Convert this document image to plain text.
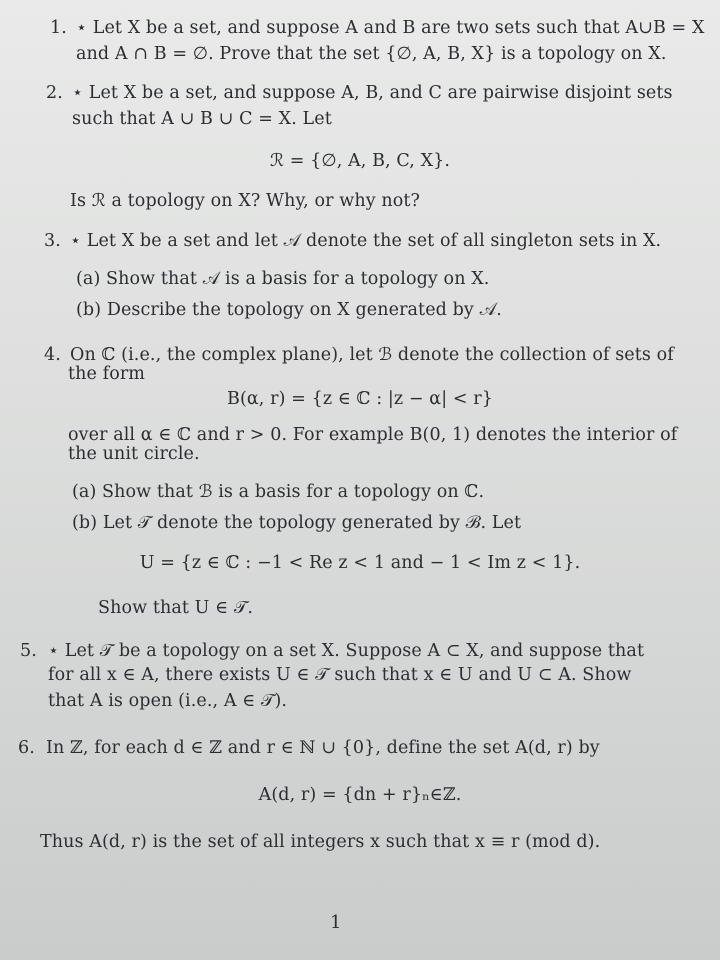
1. ⋆ Let X be a set, and suppose A and B are two sets such that A∪B = X
and A ∩ B = ∅. Prove that the set {∅, A, B, X} is a topology on X.
2. ⋆ Let X be a set, and suppose A, B, and C are pairwise disjoint sets
such that A ∪ B ∪ C = X. Let
ℛ = {∅, A, B, C, X}.
Is ℛ a topology on X? Why, or why not?
3. ⋆ Let X be a set and let 𝒜 denote the set of all singleton sets in X.
(a) Show that 𝒜 is a basis for a topology on X.
(b) Describe the topology on X generated by 𝒜.
4. On ℂ (i.e., the complex plane), let ℬ denote the collection of sets of
the form
B(α, r) = {z ∈ ℂ : |z − α| < r}
over all α ∈ ℂ and r > 0. For example B(0, 1) denotes the interior of
the unit circle.
(a) Show that ℬ is a basis for a topology on ℂ.
(b) Let 𝒯 denote the topology generated by ℬ. Let
U = {z ∈ ℂ : −1 < Re z < 1 and − 1 < Im z < 1}.
Show that U ∈ 𝒯.
5. ⋆ Let 𝒯 be a topology on a set X. Suppose A ⊂ X, and suppose that
for all x ∈ A, there exists U ∈ 𝒯 such that x ∈ U and U ⊂ A. Show
that A is open (i.e., A ∈ 𝒯).
6. In ℤ, for each d ∈ ℤ and r ∈ ℕ ∪ {0}, define the set A(d, r) by
A(d, r) = {dn + r}ₙ∈ℤ.
Thus A(d, r) is the set of all integers x such that x ≡ r (mod d).
1
